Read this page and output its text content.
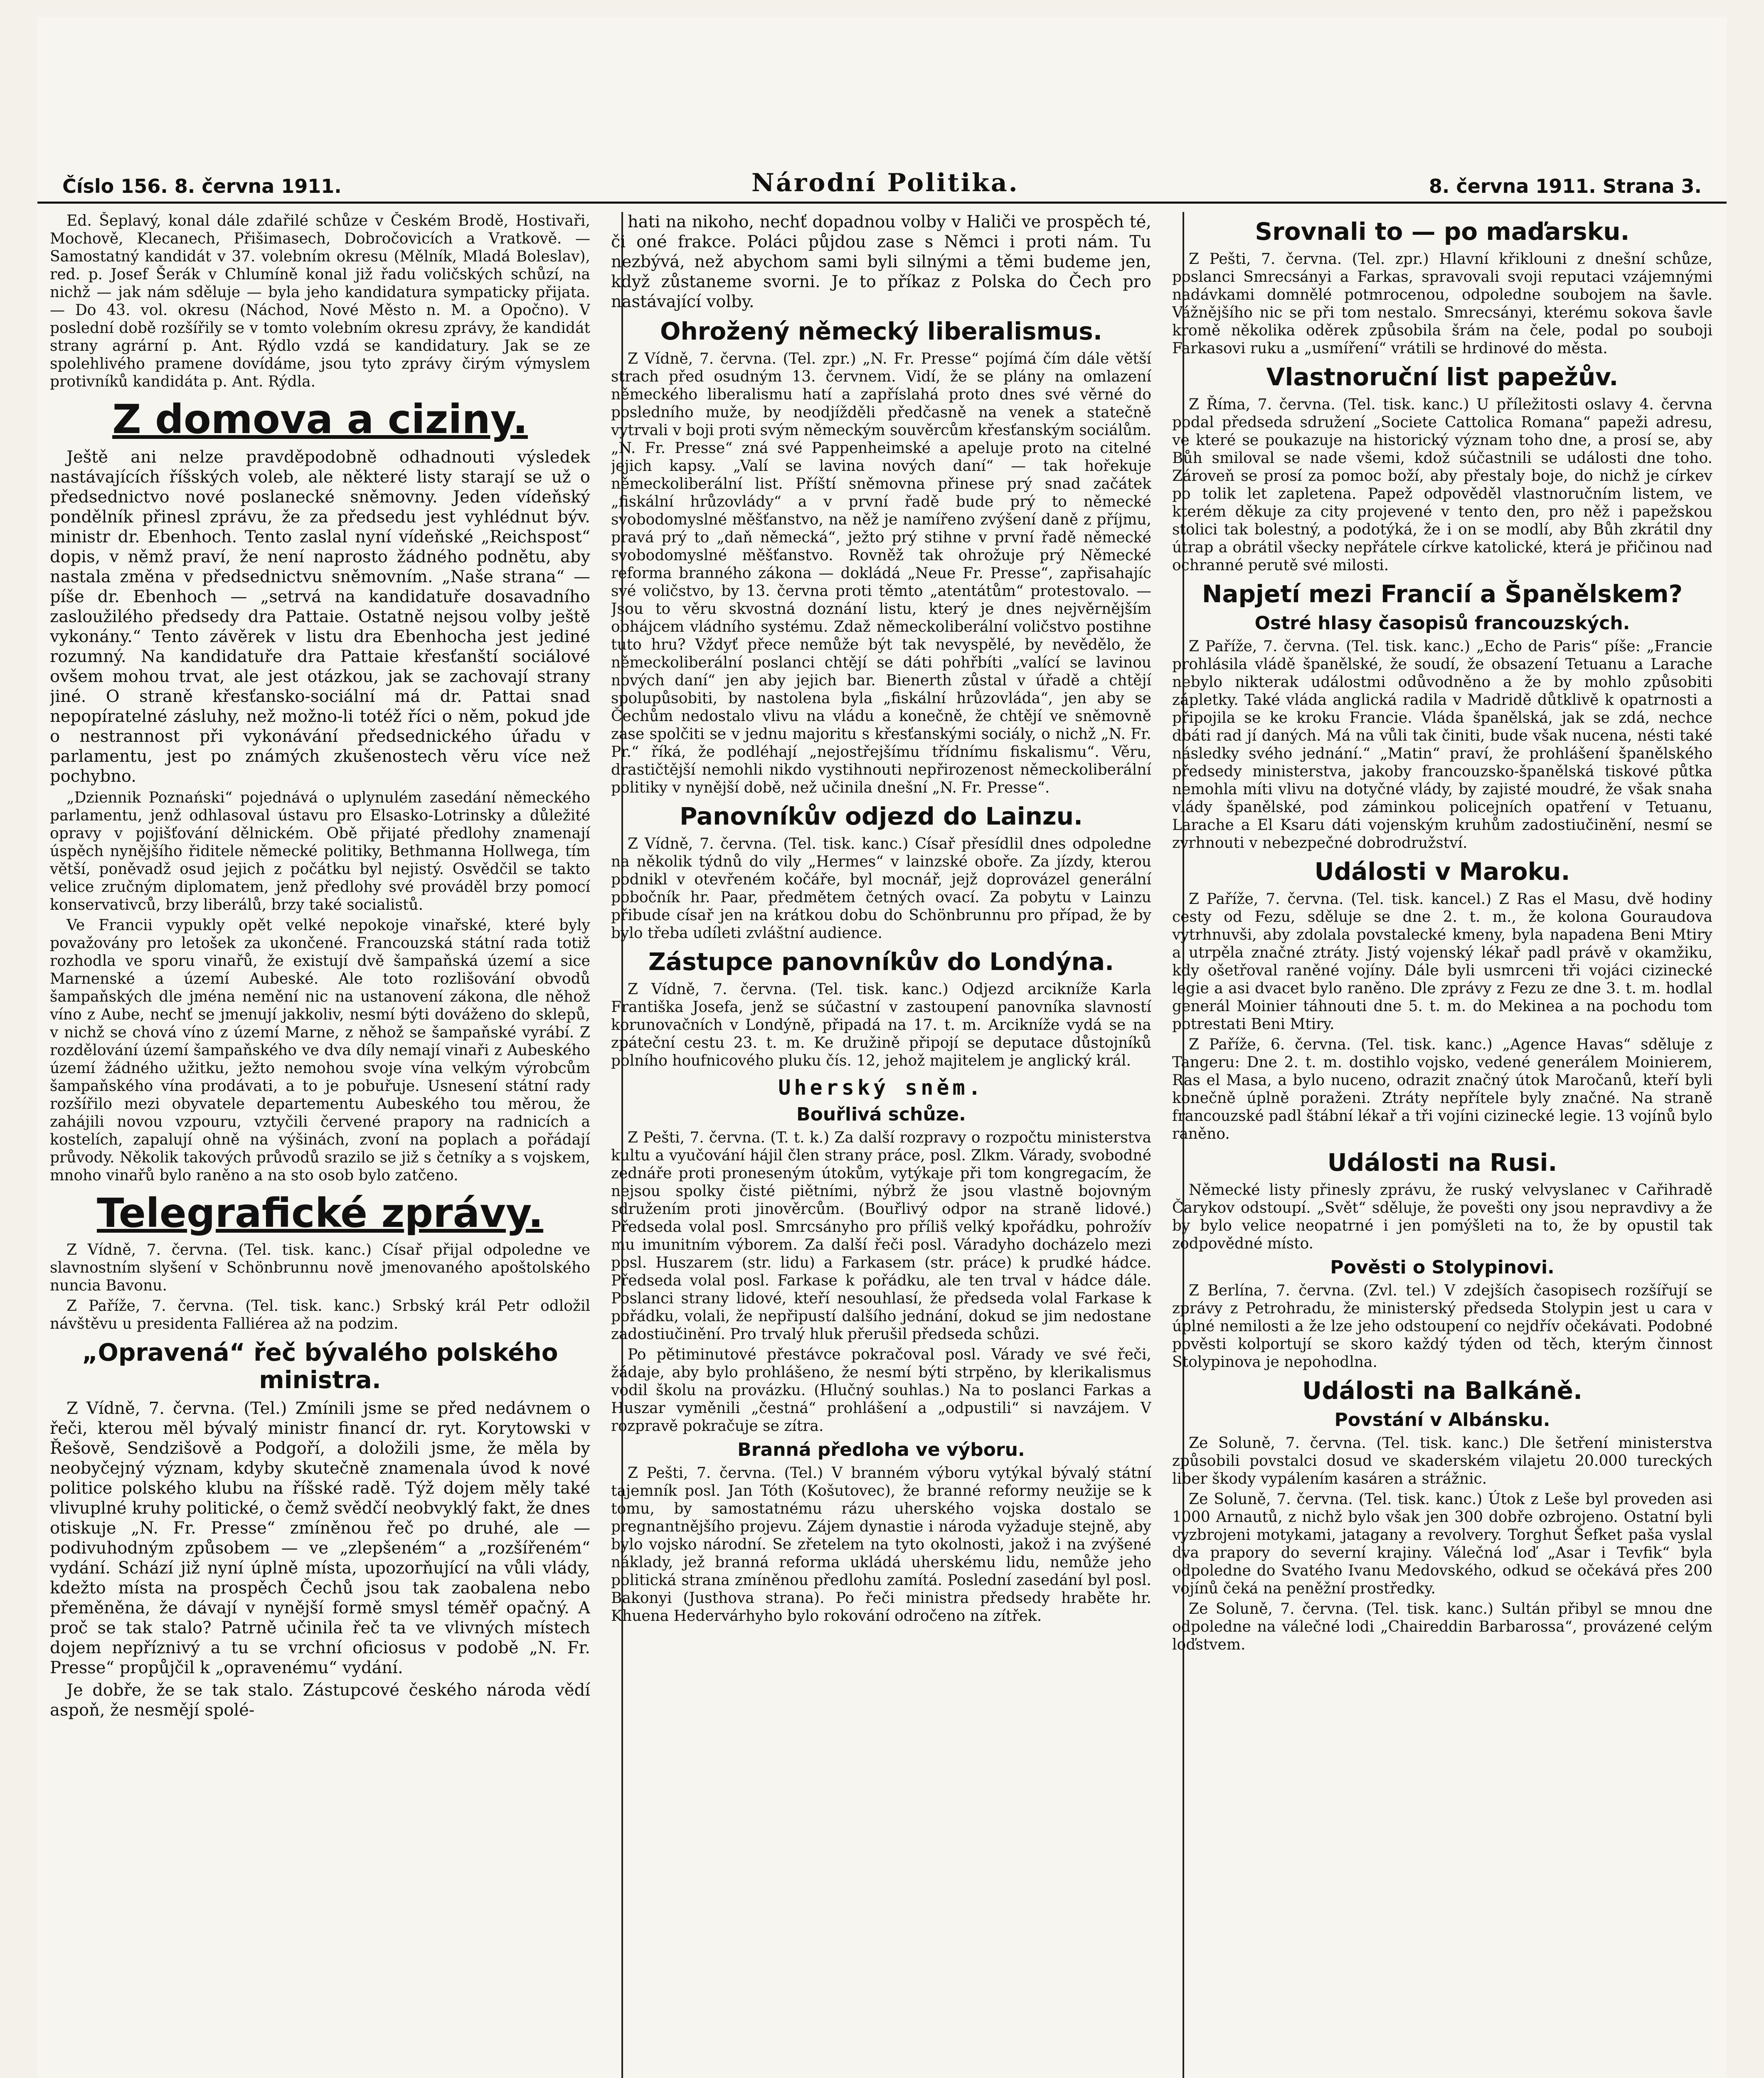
Číslo 156. 8. června 1911.	Národní Politika.	8. června 1911. Strana 3.

Ed. Šeplavý, konal dále zdařilé schůze v Českém Brodě, Hostivaři, Mochově, Klecanech, Přišimasech, Dobročovicích a Vratkově. — Samostatný kandidát v 37. volebním okresu (Mělník, Mladá Boleslav), red. p. Josef Šerák v Chlumíně konal již řadu voličských schůzí, na nichž — jak nám sděluje — byla jeho kandidatura sympaticky přijata. — Do 43. vol. okresu (Náchod, Nové Město n. M. a Opočno). V poslední době rozšířily se v tomto volebním okresu zprávy, že kandidát strany agrární p. Ant. Rýdlo vzdá se kandidatury. Jak se ze spolehlivého pramene dovídáme, jsou tyto zprávy čirým výmyslem protivníků kandidáta p. Ant. Rýdla.

Z domova a ciziny.

Ještě ani nelze pravděpodobně odhadnouti výsledek nastávajících říšských voleb, ale některé listy starají se už o předsednictvo nové poslanecké sněmovny. Jeden vídeňský pondělník přinesl zprávu, že za předsedu jest vyhlédnut býv. ministr dr. Ebenhoch. Tento zaslal nyní vídeňské „Reichspost“ dopis, v němž praví, že není naprosto žádného podnětu, aby nastala změna v předsednictvu sněmovním. „Naše strana“ — píše dr. Ebenhoch — „setrvá na kandidatuře dosavadního zasloužilého předsedy dra Pattaie. Ostatně nejsou volby ještě vykonány.“ Tento závěrek v listu dra Ebenhocha jest jediné rozumný. Na kandidatuře dra Pattaie křesťanští sociálové ovšem mohou trvat, ale jest otázkou, jak se zachovají strany jiné. O straně křesťansko-sociální má dr. Pattai snad nepopíratelné zásluhy, než možno-li totéž říci o něm, pokud jde o nestrannost při vykonávání předsednického úřadu v parlamentu, jest po známých zkušenostech věru více než pochybno.

„Dziennik Poznański“ pojednává o uplynulém zasedání německého parlamentu, jenž odhlasoval ústavu pro Elsasko-Lotrinsky a důležité opravy v pojišťování dělnickém. Obě přijaté předlohy znamenají úspěch nynějšího řiditele německé politiky, Bethmanna Hollwega, tím větší, poněvadž osud jejich z počátku byl nejistý. Osvědčil se takto velice zručným diplomatem, jenž předlohy své prováděl brzy pomocí konservativců, brzy liberálů, brzy také socialistů.

Ve Francii vypukly opět velké nepokoje vinařské, které byly považovány pro letošek za ukončené. Francouzská státní rada totiž rozhodla ve sporu vinařů, že existují dvě šampaňská území a sice Marnenské a území Aubeské. Ale toto rozlišování obvodů šampaňských dle jména nemění nic na ustanovení zákona, dle něhož víno z Aube, nechť se jmenují jakkoliv, nesmí býti dováženo do sklepů, v nichž se chová víno z území Marne, z něhož se šampaňské vyrábí. Z rozdělování území šampaňského ve dva díly nemají vinaři z Aubeského území žádného užitku, ježto nemohou svoje vína velkým výrobcům šampaňského vína prodávati, a to je pobuřuje. Usnesení státní rady rozšířilo mezi obyvatele departementu Aubeského tou měrou, že zahájili novou vzpouru, vztyčili červené prapory na radnicích a kostelích, zapalují ohně na výšinách, zvoní na poplach a pořádají průvody. Několik takových průvodů srazilo se již s četníky a s vojskem, mnoho vinařů bylo raněno a na sto osob bylo zatčeno.

Telegrafické zprávy.

Z Vídně, 7. června. (Tel. tisk. kanc.) Císař přijal odpoledne ve slavnostním slyšení v Schönbrunnu nově jmenovaného apoštolského nuncia Bavonu.

Z Paříže, 7. června. (Tel. tisk. kanc.) Srbský král Petr odložil návštěvu u presidenta Falliérea až na podzim.

„Opravená“ řeč bývalého polského ministra.

Z Vídně, 7. června. (Tel.) Zmínili jsme se před nedávnem o řeči, kterou měl bývalý ministr financí dr. ryt. Korytowski v Řešově, Sendzišově a Podgoří, a doložili jsme, že měla by neobyčejný význam, kdyby skutečně znamenala úvod k nové politice polského klubu na říšské radě. Týž dojem měly také vlivuplné kruhy politické, o čemž svědčí neobvyklý fakt, že dnes otiskuje „N. Fr. Presse“ zmíněnou řeč po druhé, ale — podivuhodným způsobem — ve „zlepšeném“ a „rozšířeném“ vydání. Schází již nyní úplně místa, upozorňující na vůli vlády, kdežto místa na prospěch Čechů jsou tak zaobalena nebo přeměněna, že dávají v nynější formě smysl téměř opačný. A proč se tak stalo? Patrně učinila řeč ta ve vlivných místech dojem nepříznivý a tu se vrchní oficiosus v podobě „N. Fr. Presse“ propůjčil k „opravenému“ vydání.

Je dobře, že se tak stalo. Zástupcové českého národa vědí aspoň, že nesmějí spolé-

hati na nikoho, nechť dopadnou volby v Haliči ve prospěch té, či oné frakce. Poláci půjdou zase s Němci i proti nám. Tu nezbývá, než abychom sami byli silnými a těmi budeme jen, když zůstaneme svorni. Je to příkaz z Polska do Čech pro nastávající volby.

Ohrožený německý liberalismus.

Z Vídně, 7. června. (Tel. zpr.) „N. Fr. Presse“ pojímá čím dále větší strach před osudným 13. červnem. Vidí, že se plány na omlazení německého liberalismu hatí a zapříslahá proto dnes své věrné do posledního muže, by neodjížděli předčasně na venek a statečně vytrvali v boji proti svým německým souvěrcům křesťanským sociálům. „N. Fr. Presse“ zná své Pappenheimské a apeluje proto na citelné jejich kapsy. „Valí se lavina nových daní“ — tak hořekuje německoliberální list. Příští sněmovna přinese prý snad začátek „fiskální hrůzovlády“ a v první řadě bude prý to německé svobodomyslné měšťanstvo, na něž je namířeno zvýšení daně z příjmu, pravá prý to „daň německá“, ježto prý stihne v první řadě německé svobodomyslné měšťanstvo. Rovněž tak ohrožuje prý Německé reforma branného zákona — dokládá „Neue Fr. Presse“, zapřisahajíc své voličstvo, by 13. června proti těmto „atentátům“ protestovalo. — Jsou to věru skvostná doznání listu, který je dnes nejvěrnějším obhájcem vládního systému. Zdaž německoliberální voličstvo postihne tuto hru? Vždyť přece nemůže být tak nevyspělé, by nevědělo, že německoliberální poslanci chtějí se dáti pohřbíti „valící se lavinou nových daní“ jen aby jejich bar. Bienerth zůstal v úřadě a chtějí spolupůsobiti, by nastolena byla „fiskální hrůzovláda“, jen aby se Čechům nedostalo vlivu na vládu a konečně, že chtějí ve sněmovně zase spolčiti se v jednu majoritu s křesťanskými sociály, o nichž „N. Fr. Pr.“ říká, že podléhají „nejostřejšímu třídnímu fiskalismu“. Věru, drastičtější nemohli nikdo vystihnouti nepřirozenost německoliberální politiky v nynější době, než učinila dnešní „N. Fr. Presse“.

Panovníkův odjezd do Lainzu.

Z Vídně, 7. června. (Tel. tisk. kanc.) Císař přesídlil dnes odpoledne na několik týdnů do vily „Hermes“ v lainzské oboře. Za jízdy, kterou podnikl v otevřeném kočáře, byl mocnář, jejž doprovázel generální pobočník hr. Paar, předmětem četných ovací. Za pobytu v Lainzu přibude císař jen na krátkou dobu do Schönbrunnu pro případ, že by bylo třeba udíleti zvláštní audience.

Zástupce panovníkův do Londýna.

Z Vídně, 7. června. (Tel. tisk. kanc.) Odjezd arcikníže Karla Františka Josefa, jenž se súčastní v zastoupení panovníka slavností korunovačních v Londýně, připadá na 17. t. m. Arcikníže vydá se na zpáteční cestu 23. t. m. Ke družině připojí se deputace důstojníků polního houfnicového pluku čís. 12, jehož majitelem je anglický král.

Uherský sněm.
Bouřlivá schůze.

Z Pešti, 7. června. (T. t. k.) Za další rozpravy o rozpočtu ministerstva kultu a vyučování hájil člen strany práce, posl. Zlkm. Várady, svobodné zednáře proti proneseným útokům, vytýkaje při tom kongregacím, že nejsou spolky čisté piětními, nýbrž že jsou vlastně bojovným sdružením proti jinověrcům. (Bouřlivý odpor na straně lidové.) Předseda volal posl. Smrcsányho pro příliš velký kpořádku, pohrožív mu imunitním výborem. Za další řeči posl. Váradyho docházelo mezi posl. Huszarem (str. lidu) a Farkasem (str. práce) k prudké hádce. Předseda volal posl. Farkase k pořádku, ale ten trval v hádce dále. Poslanci strany lidové, kteří nesouhlasí, že předseda volal Farkase k pořádku, volali, že nepřipustí dalšího jednání, dokud se jim nedostane zadostiučinění. Pro trvalý hluk přerušil předseda schůzi.

Po pětiminutové přestávce pokračoval posl. Várady ve své řeči, žádaje, aby bylo prohlášeno, že nesmí býti strpěno, by klerikalismus vodil školu na provázku. (Hlučný souhlas.) Na to poslanci Farkas a Huszar vyměnili „čestná“ prohlášení a „odpustili“ si navzájem. V rozpravě pokračuje se zítra.

Branná předloha ve výboru.

Z Pešti, 7. června. (Tel.) V branném výboru vytýkal bývalý státní tajemník posl. Jan Tóth (Košutovec), že branné reformy neužije se k tomu, by samostatnému rázu uherského vojska dostalo se pregnantnějšího projevu. Zájem dynastie i národa vyžaduje stejně, aby bylo vojsko národní. Se zřetelem na tyto okolnosti, jakož i na zvýšené náklady, jež branná reforma ukládá uherskému lidu, nemůže jeho politická strana zmíněnou předlohu zamítá. Poslední zasedání byl posl. Bakonyi (Justhova strana). Po řeči ministra předsedy hraběte hr. Khuena Hedervárhyho bylo rokování odročeno na zítřek.

Srovnali to — po maďarsku.

Z Pešti, 7. června. (Tel. zpr.) Hlavní křiklouni z dnešní schůze, poslanci Smrecsányi a Farkas, spravovali svoji reputaci vzájemnými nadávkami domnělé potmrocenou, odpoledne soubojem na šavle. Vážnějšího nic se při tom nestalo. Smrecsányi, kterému sokova šavle kromě několika oděrek způsobila šrám na čele, podal po souboji Farkasovi ruku a „usmíření“ vrátili se hrdinové do města.

Vlastnoruční list papežův.

Z Říma, 7. června. (Tel. tisk. kanc.) U příležitosti oslavy 4. června podal předseda sdružení „Societe Cattolica Romana“ papeži adresu, ve které se poukazuje na historický význam toho dne, a prosí se, aby Bůh smiloval se nade všemi, kdož súčastnili se události dne toho. Zároveň se prosí za pomoc boží, aby přestaly boje, do nichž je církev po tolik let zapletena. Papež odpověděl vlastnoručním listem, ve kterém děkuje za city projevené v tento den, pro něž i papežskou stolici tak bolestný, a podotýká, že i on se modlí, aby Bůh zkrátil dny útrap a obrátil všecky nepřátele církve katolické, která je přičinou nad ochranné perutě své milosti.

Napjetí mezi Francií a Španělskem?
Ostré hlasy časopisů francouzských.

Z Paříže, 7. června. (Tel. tisk. kanc.) „Echo de Paris“ píše: „Francie prohlásila vládě španělské, že soudí, že obsazení Tetuanu a Larache nebylo nikterak událostmi odůvodněno a že by mohlo způsobiti zápletky. Také vláda anglická radila v Madridě důtklivě k opatrnosti a připojila se ke kroku Francie. Vláda španělská, jak se zdá, nechce dbáti rad jí daných. Má na vůli tak činiti, bude však nucena, nésti také následky svého jednání.“ „Matin“ praví, že prohlášení španělského předsedy ministerstva, jakoby francouzsko-španělská tiskové půtka nemohla míti vlivu na dotyčné vlády, by zajisté moudré, že však snaha vlády španělské, pod záminkou policejních opatření v Tetuanu, Larache a El Ksaru dáti vojenským kruhům zadostiučinění, nesmí se zvrhnouti v nebezpečné dobrodružství.

Události v Maroku.

Z Paříže, 7. června. (Tel. tisk. kancel.) Z Ras el Masu, dvě hodiny cesty od Fezu, sděluje se dne 2. t. m., že kolona Gouraudova vytrhnuvši, aby zdolala povstalecké kmeny, byla napadena Beni Mtiry a utrpěla značné ztráty. Jistý vojenský lékař padl právě v okamžiku, kdy ošetřoval raněné vojíny. Dále byli usmrceni tři vojáci cizinecké legie a asi dvacet bylo raněno. Dle zprávy z Fezu ze dne 3. t. m. hodlal generál Moinier táhnouti dne 5. t. m. do Mekinea a na pochodu tom potrestati Beni Mtiry.

Z Paříže, 6. června. (Tel. tisk. kanc.) „Agence Havas“ sděluje z Tangeru: Dne 2. t. m. dostihlo vojsko, vedené generálem Moinierem, Ras el Masa, a bylo nuceno, odrazit značný útok Maročanů, kteří byli konečně úplně poraženi. Ztráty nepřítele byly značné. Na straně francouzské padl štábní lékař a tři vojíni cizinecké legie. 13 vojínů bylo raněno.

Události na Rusi.

Německé listy přinesly zprávu, že ruský velvyslanec v Cařihradě Čarykov odstoupí. „Svět“ sděluje, že povešti ony jsou nepravdivy a že by bylo velice neopatrné i jen pomýšleti na to, že by opustil tak zodpovědné místo.

Pověsti o Stolypinovi.

Z Berlína, 7. června. (Zvl. tel.) V zdejších časopisech rozšířují se zprávy z Petrohradu, že ministerský předseda Stolypin jest u cara v úplné nemilosti a že lze jeho odstoupení co nejdřív očekávati. Podobné pověsti kolportují se skoro každý týden od těch, kterým činnost Stolypinova je nepohodlna.

Události na Balkáně.
Povstání v Albánsku.

Ze Soluně, 7. června. (Tel. tisk. kanc.) Dle šetření ministerstva způsobili povstalci dosud ve skaderském vilajetu 20.000 tureckých liber škody vypálením kasáren a strážnic.

Ze Soluně, 7. června. (Tel. tisk. kanc.) Útok z Leše byl proveden asi 1000 Arnautů, z nichž bylo však jen 300 dobře ozbrojeno. Ostatní byli vyzbrojeni motykami, jatagany a revolvery. Torghut Šefket paša vyslal dva prapory do severní krajiny. Válečná loď „Asar i Tevfik“ byla odpoledne do Svatého Ivanu Medovského, odkud se očekává přes 200 vojínů čeká na peněžní prostředky.

Ze Soluně, 7. června. (Tel. tisk. kanc.) Sultán přibyl se mnou dne odpoledne na válečné lodi „Chaireddin Barbarossa“, provázené celým loďstvem.
